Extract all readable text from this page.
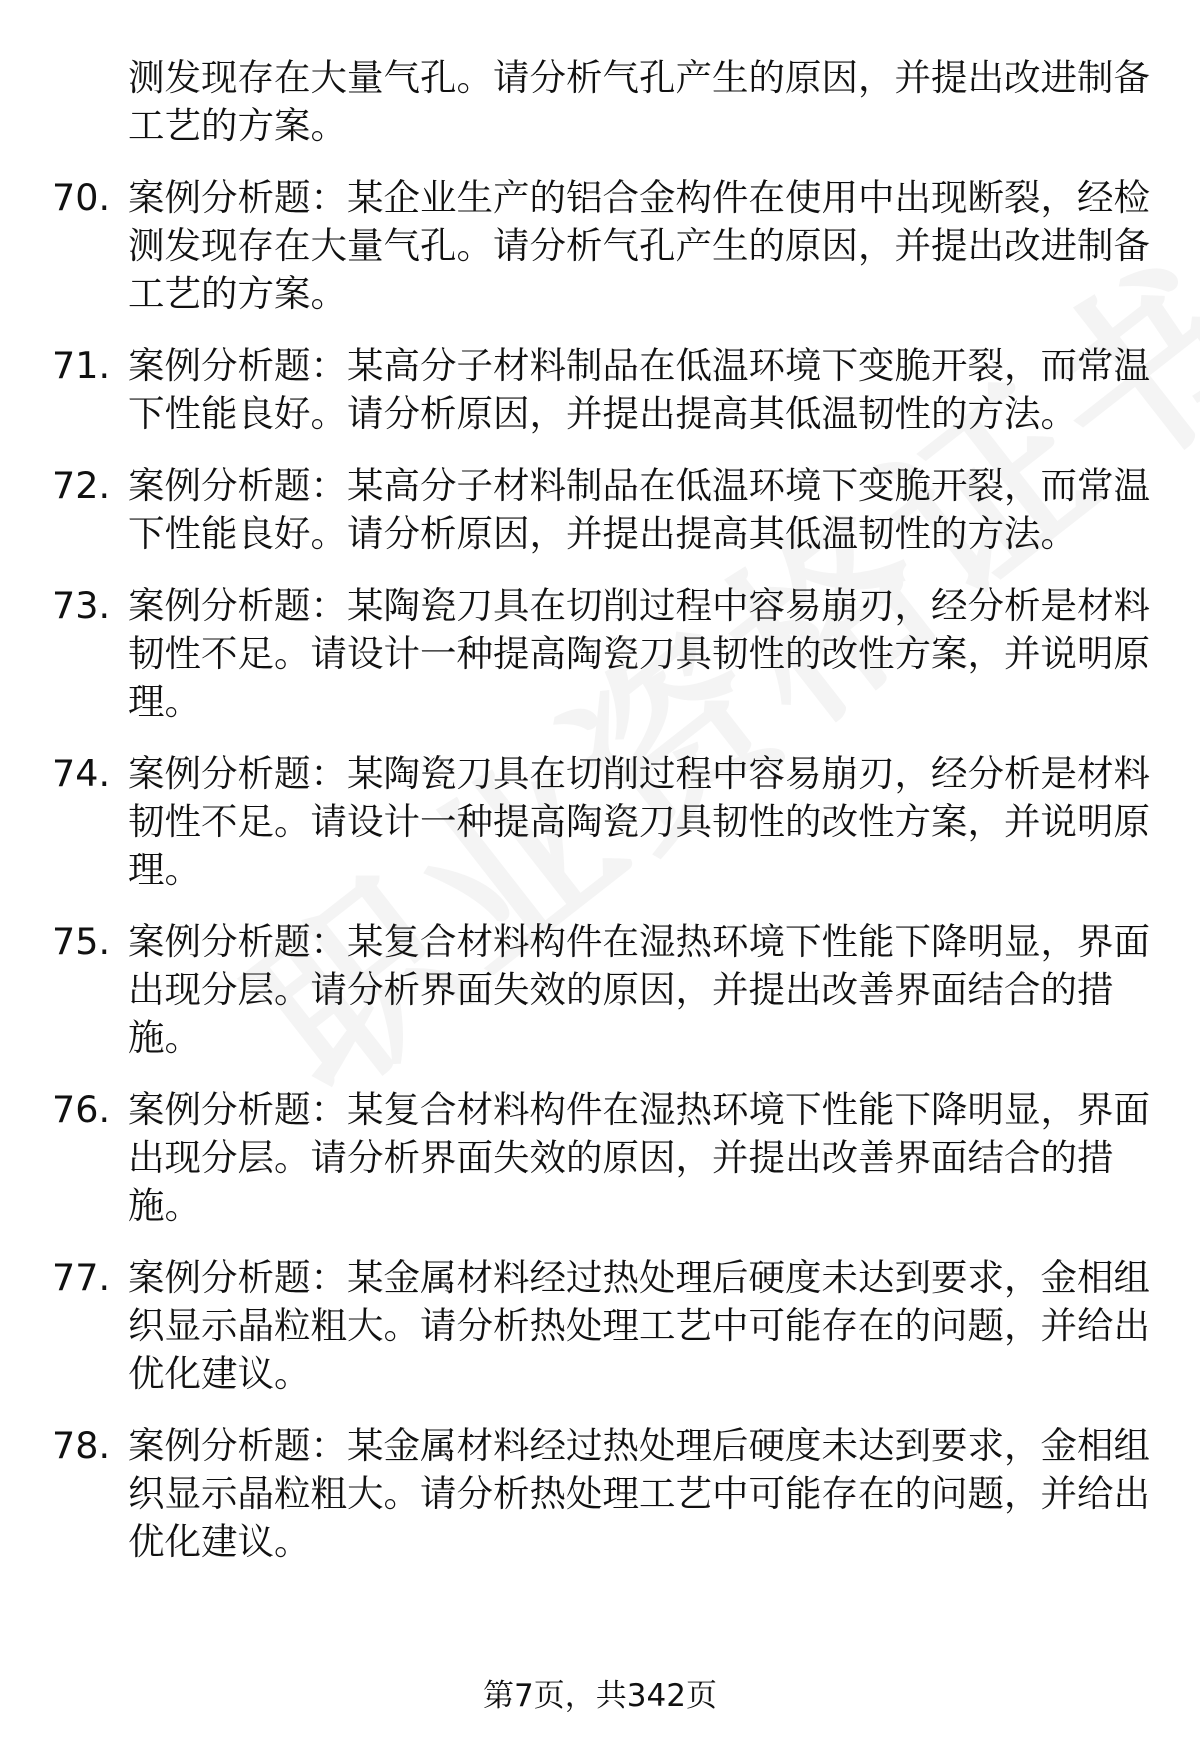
测发现存在大量气孔。请分析气孔产生的原因，并提出改进制备
工艺的方案。
70. 案例分析题：某企业生产的铝合金构件在使用中出现断裂，经检
测发现存在大量气孔。请分析气孔产生的原因，并提出改进制备
工艺的方案。
71. 案例分析题：某高分子材料制品在低温环境下变脆开裂，而常温
下性能良好。请分析原因，并提出提高其低温韧性的方法。
72. 案例分析题：某高分子材料制品在低温环境下变脆开裂，而常温
下性能良好。请分析原因，并提出提高其低温韧性的方法。
73. 案例分析题：某陶瓷刀具在切削过程中容易崩刃，经分析是材料
韧性不足。请设计一种提高陶瓷刀具韧性的改性方案，并说明原
理。
74. 案例分析题：某陶瓷刀具在切削过程中容易崩刃，经分析是材料
韧性不足。请设计一种提高陶瓷刀具韧性的改性方案，并说明原
理。
75. 案例分析题：某复合材料构件在湿热环境下性能下降明显，界面
出现分层。请分析界面失效的原因，并提出改善界面结合的措
施。
76. 案例分析题：某复合材料构件在湿热环境下性能下降明显，界面
出现分层。请分析界面失效的原因，并提出改善界面结合的措
施。
77. 案例分析题：某金属材料经过热处理后硬度未达到要求，金相组
织显示晶粒粗大。请分析热处理工艺中可能存在的问题，并给出
优化建议。
78. 案例分析题：某金属材料经过热处理后硬度未达到要求，金相组
织显示晶粒粗大。请分析热处理工艺中可能存在的问题，并给出
优化建议。
第7页，共342页
